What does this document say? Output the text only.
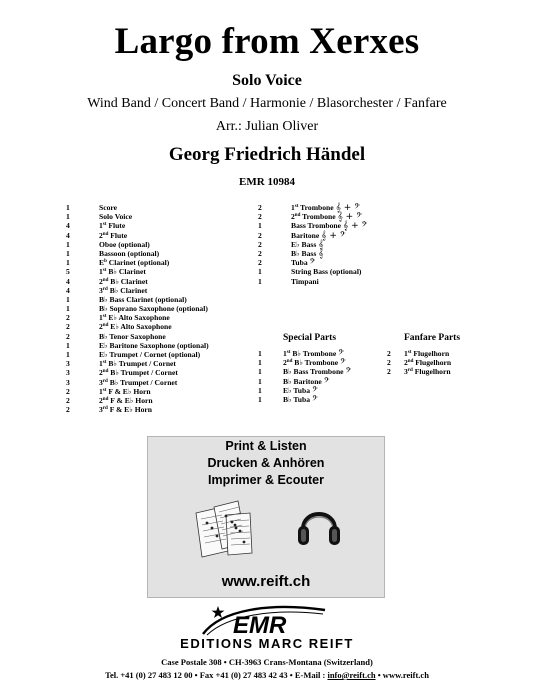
Largo from Xerxes
Solo Voice
Wind Band / Concert Band / Harmonie / Blasorchester / Fanfare
Arr.: Julian Oliver
Georg Friedrich Händel
EMR 10984
1	Score
1	Solo Voice
4	1st Flute
4	2nd Flute
1	Oboe (optional)
1	Bassoon (optional)
1	$E^b$ Clarinet (optional)
5	1st B♭ Clarinet
4	2nd B♭ Clarinet
4	3rd B♭ Clarinet
1	B♭ Bass Clarinet (optional)
1	B♭ Soprano Saxophone (optional)
2	1st E♭ Alto Saxophone
2	2nd E♭ Alto Saxophone
2	B♭ Tenor Saxophone
1	E♭ Baritone Saxophone (optional)
1	E♭ Trumpet / Cornet (optional)
3	1st B♭ Trumpet / Cornet
3	2nd B♭ Trumpet / Cornet
3	3rd B♭ Trumpet / Cornet
2	1st F & E♭ Horn
2	2nd F & E♭ Horn
2	3rd F & E♭ Horn
2	1st Trombone 𝄞 + 𝄢
2	2nd Trombone 𝄞 + 𝄢
1	Bass Trombone 𝄞 + 𝄢
2	Baritone 𝄞 + 𝄢
2	E♭ Bass 𝄞
2	B♭ Bass 𝄞
2	Tuba 𝄢
1	String Bass (optional)
1	Timpani
Special Parts	Fanfare Parts
1	1st B♭ Trombone 𝄢
1	2nd B♭ Trombone 𝄢
1	B♭ Bass Trombone 𝄢
1	B♭ Baritone 𝄢
1	E♭ Tuba 𝄢
1	B♭ Tuba 𝄢
2	1st Flugelhorn
2	2nd Flugelhorn
2	3rd Flugelhorn
Print & Listen
Drucken & Anhören
Imprimer & Ecouter
www.reift.ch
EMR
EDITIONS MARC REIFT
Case Postale 308 • CH-3963 Crans-Montana (Switzerland)
Tel. +41 (0) 27 483 12 00 • Fax +41 (0) 27 483 42 43 • E-Mail : info@reift.ch • www.reift.ch
